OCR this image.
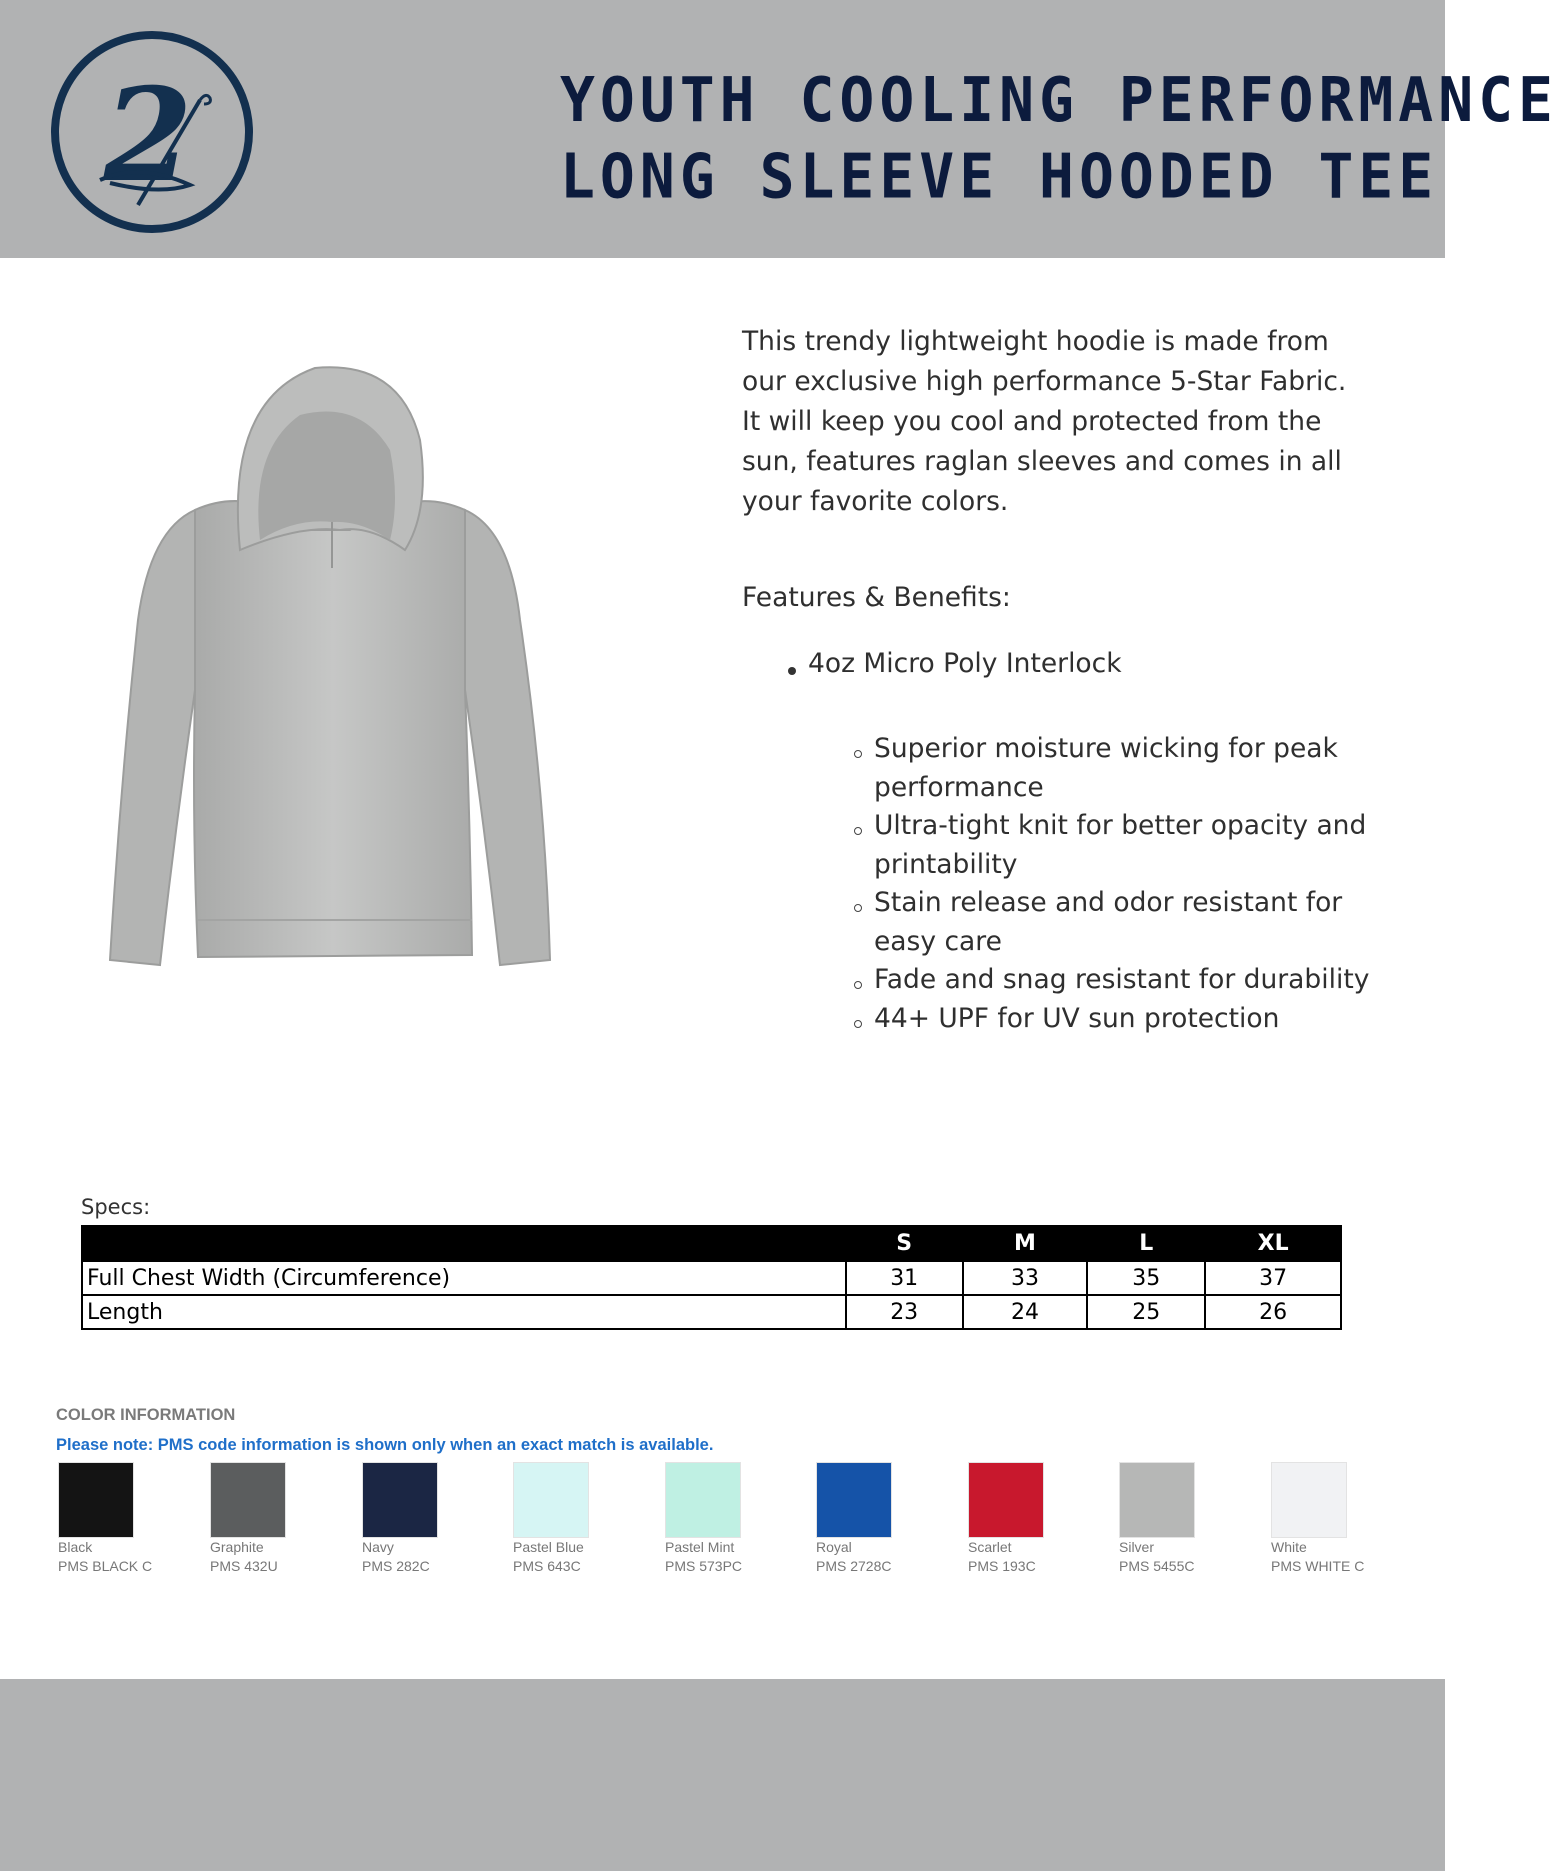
2	YOUTH COOLING PERFORMANCE
LONG SLEEVE HOODED TEE
This trendy lightweight hoodie is made from our exclusive high performance 5-Star Fabric. It will keep you cool and protected from the sun, features raglan sleeves and comes in all your favorite colors.
Features & Benefits:
4oz Micro Poly Interlock
Superior moisture wicking for peak performance
Ultra-tight knit for better opacity and printability
Stain release and odor resistant for easy care
Fade and snag resistant for durability
44+ UPF for UV sun protection
Specs:
	S	M	L	XL
Full Chest Width (Circumference)	31	33	35	37
Length	23	24	25	26
COLOR INFORMATION
Please note: PMS code information is shown only when an exact match is available.
Black
PMS BLACK C
Graphite
PMS 432U
Navy
PMS 282C
Pastel Blue
PMS 643C
Pastel Mint
PMS 573PC
Royal
PMS 2728C
Scarlet
PMS 193C
Silver
PMS 5455C
White
PMS WHITE C
